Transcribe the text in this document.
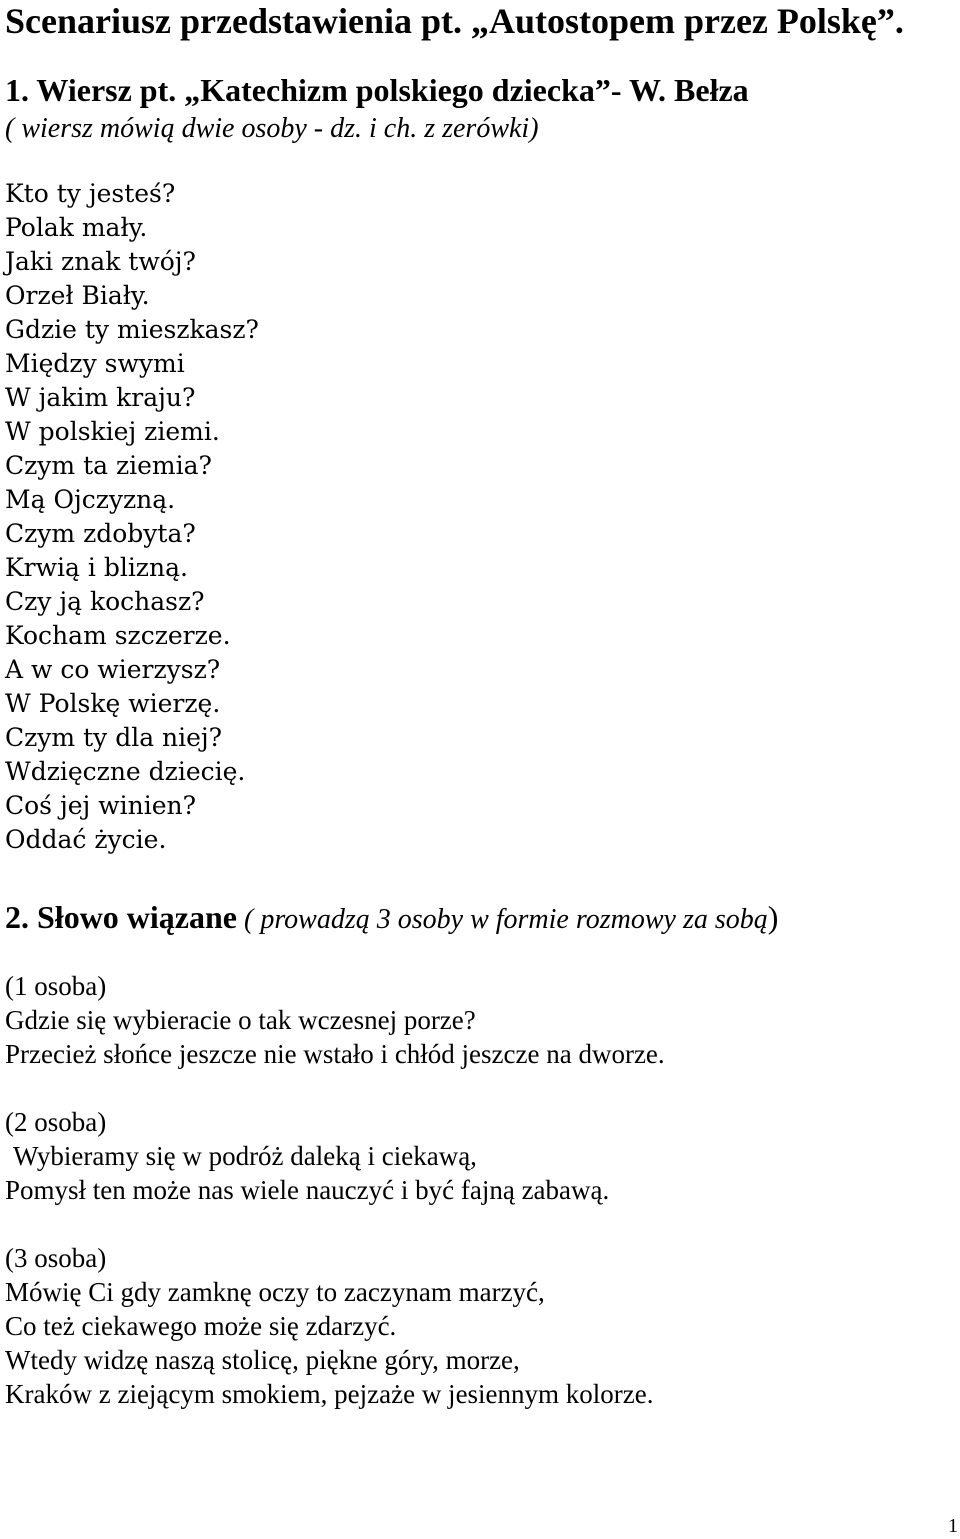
Scenariusz przedstawienia pt. „Autostopem przez Polskę”.
1. Wiersz pt. „Katechizm polskiego dziecka”- W. Bełza
( wiersz mówią dwie osoby - dz. i ch. z zerówki)
Kto ty jesteś?
Polak mały.
Jaki znak twój?
Orzeł Biały.
Gdzie ty mieszkasz?
Między swymi
W jakim kraju?
W polskiej ziemi.
Czym ta ziemia?
Mą Ojczyzną.
Czym zdobyta?
Krwią i blizną.
Czy ją kochasz?
Kocham szczerze.
A w co wierzysz?
W Polskę wierzę.
Czym ty dla niej?
Wdzięczne dziecię.
Coś jej winien?
Oddać życie.
2. Słowo wiązane ( prowadzą 3 osoby w formie rozmowy za sobą)
(1 osoba)
Gdzie się wybieracie o tak wczesnej porze?
Przecież słońce jeszcze nie wstało i chłód jeszcze na dworze.
(2 osoba)
Wybieramy się w podróż daleką i ciekawą,
Pomysł ten może nas wiele nauczyć i być fajną zabawą.
(3 osoba)
Mówię Ci gdy zamknę oczy to zaczynam marzyć,
Co też ciekawego może się zdarzyć.
Wtedy widzę naszą stolicę, piękne góry, morze,
Kraków z ziejącym smokiem, pejzaże w jesiennym kolorze.
1
